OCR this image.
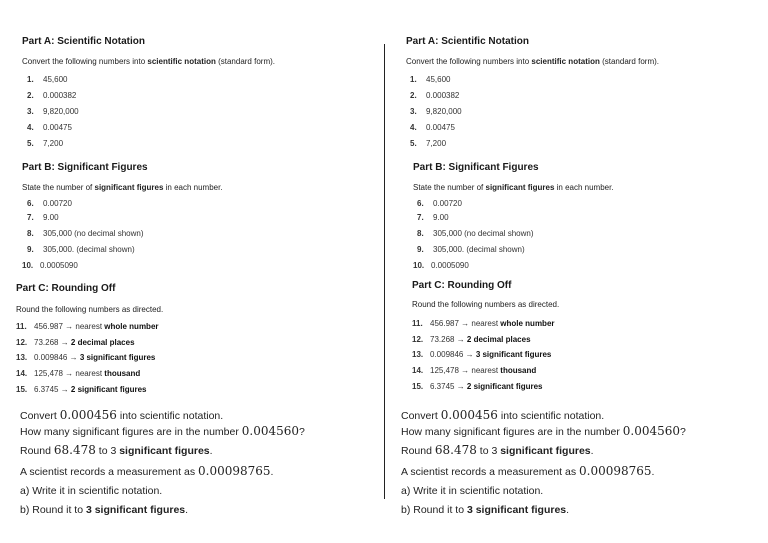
Part A: Scientific Notation
Convert the following numbers into scientific notation (standard form).
1. 45,600
2. 0.000382
3. 9,820,000
4. 0.00475
5. 7,200
Part B: Significant Figures
State the number of significant figures in each number.
6. 0.00720
7. 9.00
8. 305,000 (no decimal shown)
9. 305,000. (decimal shown)
10. 0.0005090
Part C: Rounding Off
Round the following numbers as directed.
11. 456.987 → nearest whole number
12. 73.268 → 2 decimal places
13. 0.009846 → 3 significant figures
14. 125,478 → nearest thousand
15. 6.3745 → 2 significant figures
Convert 0.000456 into scientific notation.
How many significant figures are in the number 0.004560?
Round 68.478 to 3 significant figures.
A scientist records a measurement as 0.00098765.
a) Write it in scientific notation.
b) Round it to 3 significant figures.
Part A: Scientific Notation
Convert the following numbers into scientific notation (standard form).
1. 45,600
2. 0.000382
3. 9,820,000
4. 0.00475
5. 7,200
Part B: Significant Figures
State the number of significant figures in each number.
6. 0.00720
7. 9.00
8. 305,000 (no decimal shown)
9. 305,000. (decimal shown)
10. 0.0005090
Part C: Rounding Off
Round the following numbers as directed.
11. 456.987 → nearest whole number
12. 73.268 → 2 decimal places
13. 0.009846 → 3 significant figures
14. 125,478 → nearest thousand
15. 6.3745 → 2 significant figures
Convert 0.000456 into scientific notation.
How many significant figures are in the number 0.004560?
Round 68.478 to 3 significant figures.
A scientist records a measurement as 0.00098765.
a) Write it in scientific notation.
b) Round it to 3 significant figures.
